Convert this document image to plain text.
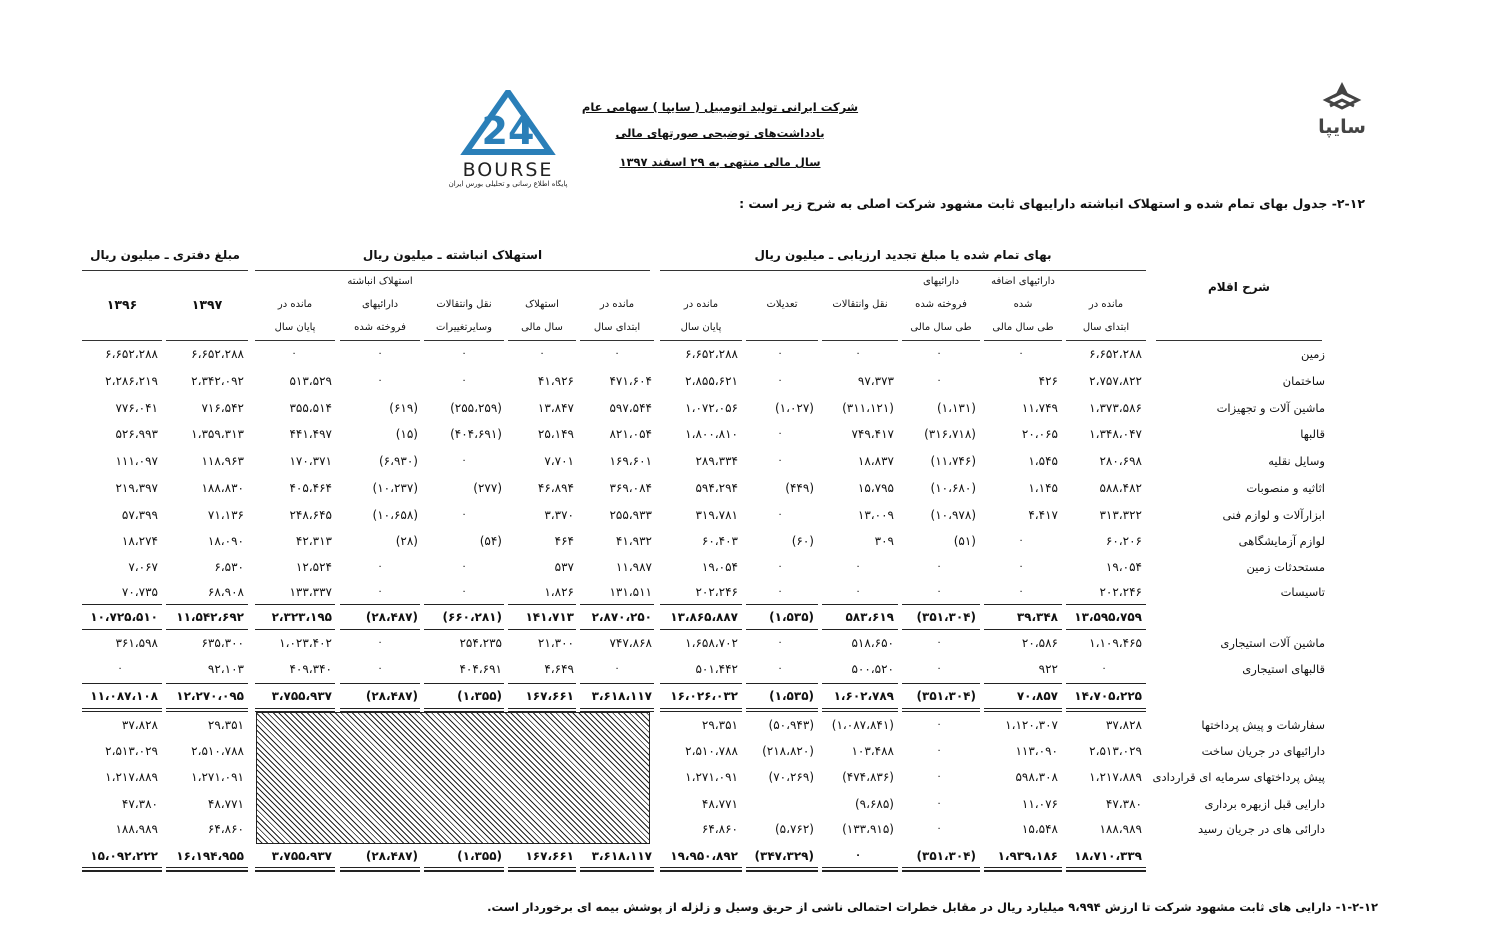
سایپا
24
BOURSE
پایگاه اطلاع رسانی و تحلیلی بورس ایران
شرکت ایرانی تولید اتومبیل ( سایپا ) سهامی عام
یادداشت‌های توضیحی صورتهای مالی
سال مالی منتهی به ۲۹ اسفند ۱۳۹۷
۲-۱۲- جدول بهای تمام شده و استهلاک انباشته داراییهای ثابت مشهود شرکت اصلی به شرح زیر است :
بهای تمام شده یا مبلغ تجدید ارزیابی ـ میلیون ریال
استهلاک انباشته ـ میلیون ریال
مبلغ دفتری ـ میلیون ریال
شرح اقلام
مانده در
ابتدای سال
دارائیهای اضافه
شده
طی سال مالی
دارائیهای
فروخته شده
طی سال مالی
نقل وانتقالات
تعدیلات
مانده در
پایان سال
مانده در
ابتدای سال
استهلاک
سال مالی
نقل وانتقالات
وسایرتغییرات
استهلاک انباشته
دارائیهای
فروخته شده
مانده در
پایان سال
۱۳۹۷
۱۳۹۶
زمین
۶،۶۵۲،۲۸۸
۰
۰
۰
۰
۶،۶۵۲،۲۸۸
۰
۰
۰
۰
۰
۶،۶۵۲،۲۸۸
۶،۶۵۲،۲۸۸
ساختمان
۲،۷۵۷،۸۲۲
۴۲۶
۰
۹۷،۳۷۳
۰
۲،۸۵۵،۶۲۱
۴۷۱،۶۰۴
۴۱،۹۲۶
۰
۰
۵۱۳،۵۲۹
۲،۳۴۲،۰۹۲
۲،۲۸۶،۲۱۹
ماشین آلات و تجهیزات
۱،۳۷۳،۵۸۶
۱۱،۷۴۹
(۱،۱۳۱)
(۳۱۱،۱۲۱)
(۱،۰۲۷)
۱،۰۷۲،۰۵۶
۵۹۷،۵۴۴
۱۳،۸۴۷
(۲۵۵،۲۵۹)
(۶۱۹)
۳۵۵،۵۱۴
۷۱۶،۵۴۲
۷۷۶،۰۴۱
قالبها
۱،۳۴۸،۰۴۷
۲۰،۰۶۵
(۳۱۶،۷۱۸)
۷۴۹،۴۱۷
۰
۱،۸۰۰،۸۱۰
۸۲۱،۰۵۴
۲۵،۱۴۹
(۴۰۴،۶۹۱)
(۱۵)
۴۴۱،۴۹۷
۱،۳۵۹،۳۱۳
۵۲۶،۹۹۳
وسایل نقلیه
۲۸۰،۶۹۸
۱،۵۴۵
(۱۱،۷۴۶)
۱۸،۸۳۷
۰
۲۸۹،۳۳۴
۱۶۹،۶۰۱
۷،۷۰۱
۰
(۶،۹۳۰)
۱۷۰،۳۷۱
۱۱۸،۹۶۳
۱۱۱،۰۹۷
اثاثیه و منصوبات
۵۸۸،۴۸۲
۱،۱۴۵
(۱۰،۶۸۰)
۱۵،۷۹۵
(۴۴۹)
۵۹۴،۲۹۴
۳۶۹،۰۸۴
۴۶،۸۹۴
(۲۷۷)
(۱۰،۲۳۷)
۴۰۵،۴۶۴
۱۸۸،۸۳۰
۲۱۹،۳۹۷
ابزارآلات و لوازم فنی
۳۱۳،۳۲۲
۴،۴۱۷
(۱۰،۹۷۸)
۱۳،۰۰۹
۰
۳۱۹،۷۸۱
۲۵۵،۹۳۳
۳،۳۷۰
۰
(۱۰،۶۵۸)
۲۴۸،۶۴۵
۷۱،۱۳۶
۵۷،۳۹۹
لوازم آزمایشگاهی
۶۰،۲۰۶
۰
(۵۱)
۳۰۹
(۶۰)
۶۰،۴۰۳
۴۱،۹۳۲
۴۶۴
(۵۴)
(۲۸)
۴۲،۳۱۳
۱۸،۰۹۰
۱۸،۲۷۴
مستحدثات زمین
۱۹،۰۵۴
۰
۰
۰
۰
۱۹،۰۵۴
۱۱،۹۸۷
۵۳۷
۰
۰
۱۲،۵۲۴
۶،۵۳۰
۷،۰۶۷
تاسیسات
۲۰۲،۲۴۶
۰
۰
۰
۰
۲۰۲،۲۴۶
۱۳۱،۵۱۱
۱،۸۲۶
۰
۰
۱۳۳،۳۳۷
۶۸،۹۰۸
۷۰،۷۳۵
۱۳،۵۹۵،۷۵۹
۳۹،۳۴۸
(۳۵۱،۳۰۴)
۵۸۳،۶۱۹
(۱،۵۳۵)
۱۳،۸۶۵،۸۸۷
۲،۸۷۰،۲۵۰
۱۴۱،۷۱۳
(۶۶۰،۲۸۱)
(۲۸،۴۸۷)
۲،۳۲۳،۱۹۵
۱۱،۵۴۲،۶۹۲
۱۰،۷۲۵،۵۱۰
ماشین آلات استیجاری
۱،۱۰۹،۴۶۵
۲۰،۵۸۶
۰
۵۱۸،۶۵۰
۰
۱،۶۵۸،۷۰۲
۷۴۷،۸۶۸
۲۱،۳۰۰
۲۵۴،۲۳۵
۰
۱،۰۲۳،۴۰۲
۶۳۵،۳۰۰
۳۶۱،۵۹۸
قالبهای استیجاری
۰
۹۲۲
۰
۵۰۰،۵۲۰
۰
۵۰۱،۴۴۲
۰
۴،۶۴۹
۴۰۴،۶۹۱
۰
۴۰۹،۳۴۰
۹۲،۱۰۳
۰
۱۴،۷۰۵،۲۲۵
۷۰،۸۵۷
(۳۵۱،۳۰۴)
۱،۶۰۲،۷۸۹
(۱،۵۳۵)
۱۶،۰۲۶،۰۳۲
۳،۶۱۸،۱۱۷
۱۶۷،۶۶۱
(۱،۳۵۵)
(۲۸،۴۸۷)
۳،۷۵۵،۹۳۷
۱۲،۲۷۰،۰۹۵
۱۱،۰۸۷،۱۰۸
سفارشات و پیش پرداختها
۳۷،۸۲۸
۱،۱۲۰،۳۰۷
۰
(۱،۰۸۷،۸۴۱)
(۵۰،۹۴۳)
۲۹،۳۵۱
۲۹،۳۵۱
۳۷،۸۲۸
دارائیهای در جریان ساخت
۲،۵۱۳،۰۲۹
۱۱۳،۰۹۰
۰
۱۰۳،۴۸۸
(۲۱۸،۸۲۰)
۲،۵۱۰،۷۸۸
۲،۵۱۰،۷۸۸
۲،۵۱۳،۰۲۹
پیش پرداختهای سرمایه ای قراردادی
۱،۲۱۷،۸۸۹
۵۹۸،۳۰۸
۰
(۴۷۴،۸۳۶)
(۷۰،۲۶۹)
۱،۲۷۱،۰۹۱
۱،۲۷۱،۰۹۱
۱،۲۱۷،۸۸۹
دارایی قبل ازبهره برداری
۴۷،۳۸۰
۱۱،۰۷۶
۰
(۹،۶۸۵)
۴۸،۷۷۱
۴۸،۷۷۱
۴۷،۳۸۰
دارائی های در جریان رسید
۱۸۸،۹۸۹
۱۵،۵۴۸
۰
(۱۳۳،۹۱۵)
(۵،۷۶۲)
۶۴،۸۶۰
۶۴،۸۶۰
۱۸۸،۹۸۹
۱۸،۷۱۰،۳۳۹
۱،۹۳۹،۱۸۶
(۳۵۱،۳۰۴)
۰
(۳۴۷،۳۲۹)
۱۹،۹۵۰،۸۹۲
۳،۶۱۸،۱۱۷
۱۶۷،۶۶۱
(۱،۳۵۵)
(۲۸،۴۸۷)
۳،۷۵۵،۹۳۷
۱۶،۱۹۴،۹۵۵
۱۵،۰۹۲،۲۲۲
۱-۲-۱۲- دارایی های ثابت مشهود شرکت تا ارزش ۹،۹۹۴ میلیارد ریال در مقابل خطرات احتمالی ناشی از حریق وسیل و زلزله از پوشش بیمه ای برخوردار است.
